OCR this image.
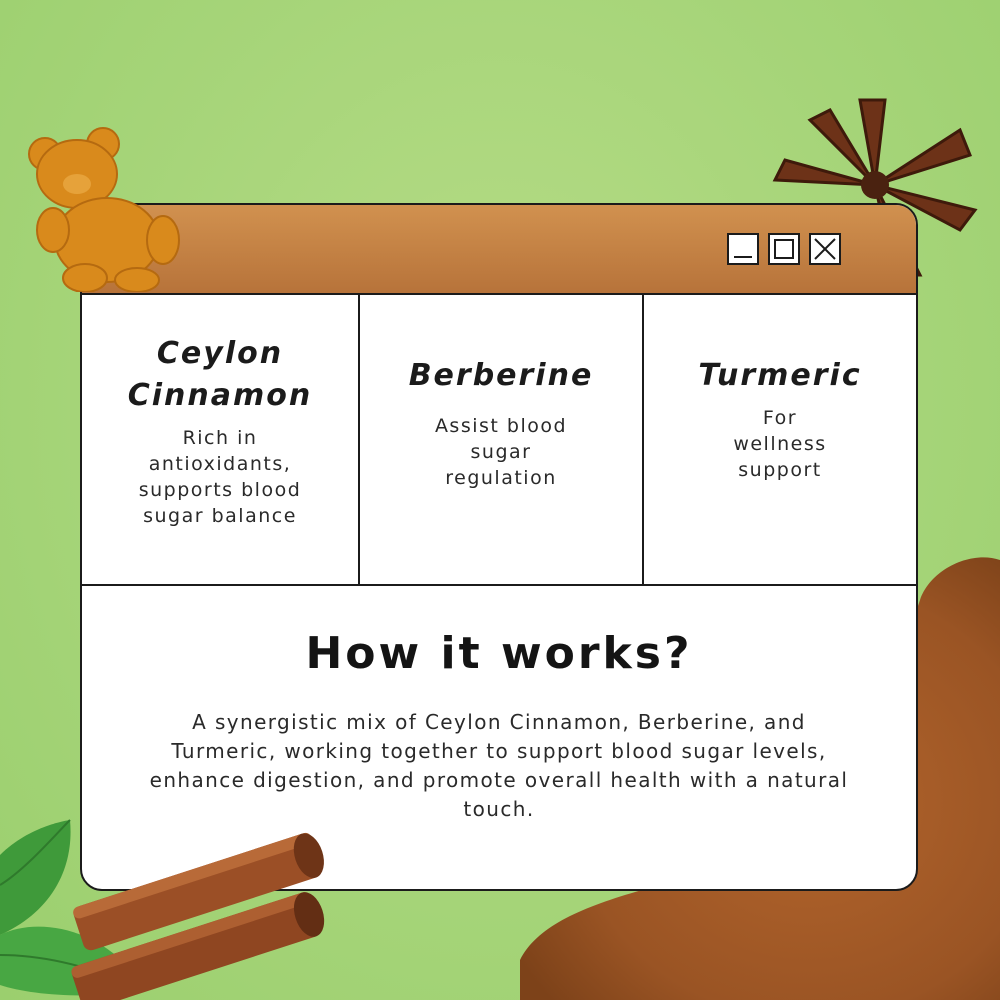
Ceylon Cinnamon
Rich in antioxidants, supports blood sugar balance
Berberine
Assist blood sugar regulation
Turmeric
For wellness support
How it works?
A synergistic mix of Ceylon Cinnamon, Berberine, and Turmeric, working together to support blood sugar levels, enhance digestion, and promote overall health with a natural touch.
